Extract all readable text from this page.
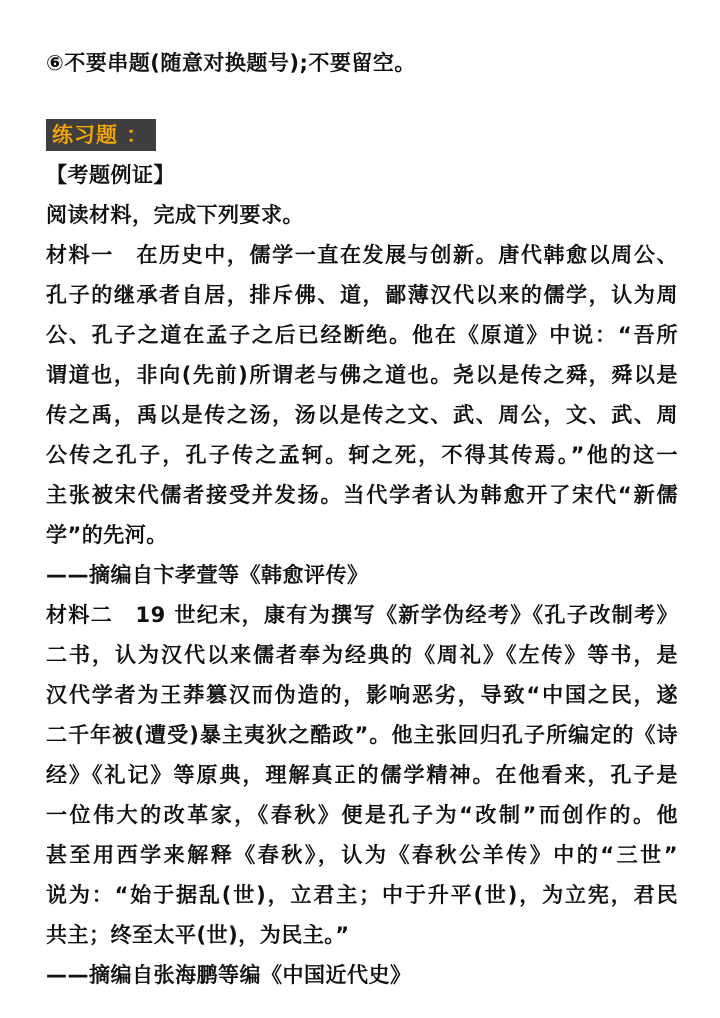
⑥不要串题(随意对换题号);不要留空。
练习题 ：
【考题例证】
阅读材料，完成下列要求。
材料一　在历史中，儒学一直在发展与创新。唐代韩愈以周公、
孔子的继承者自居，排斥佛、道，鄙薄汉代以来的儒学，认为周
公、孔子之道在孟子之后已经断绝。他在《原道》中说：“吾所
谓道也，非向(先前)所谓老与佛之道也。尧以是传之舜，舜以是
传之禹，禹以是传之汤，汤以是传之文、武、周公，文、武、周
公传之孔子，孔子传之孟轲。轲之死，不得其传焉。”他的这一
主张被宋代儒者接受并发扬。当代学者认为韩愈开了宋代“新儒
学”的先河。
——摘编自卞孝萱等《韩愈评传》
材料二　19 世纪末，康有为撰写《新学伪经考》《孔子改制考》
二书，认为汉代以来儒者奉为经典的《周礼》《左传》等书，是
汉代学者为王莽篡汉而伪造的，影响恶劣，导致“中国之民，遂
二千年被(遭受)暴主夷狄之酷政”。他主张回归孔子所编定的《诗
经》《礼记》等原典，理解真正的儒学精神。在他看来，孔子是
一位伟大的改革家，《春秋》便是孔子为“改制”而创作的。他
甚至用西学来解释《春秋》，认为《春秋公羊传》中的“三世”
说为：“始于据乱(世)，立君主；中于升平(世)，为立宪，君民
共主；终至太平(世)，为民主。”
——摘编自张海鹏等编《中国近代史》
